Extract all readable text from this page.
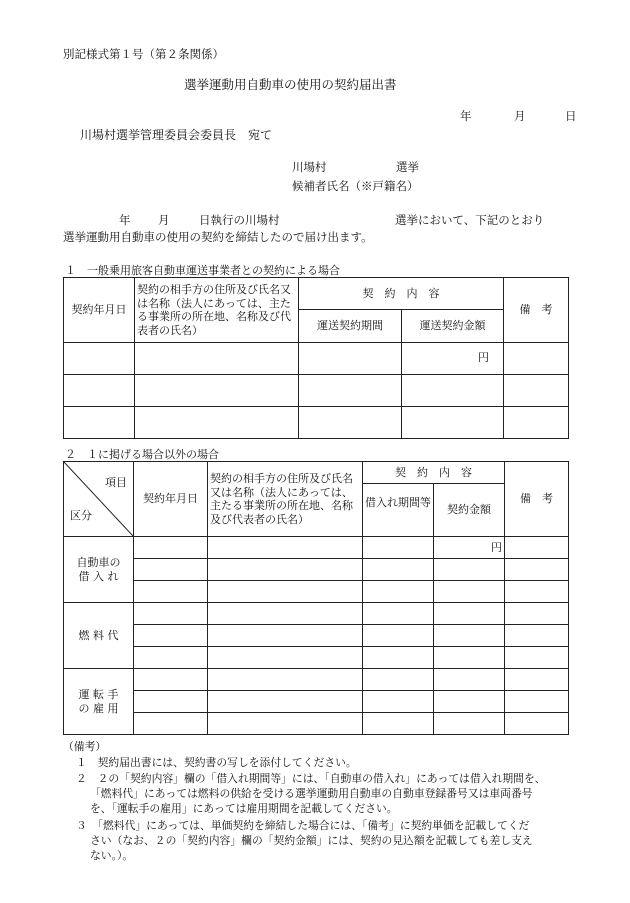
別記様式第１号（第２条関係）
選挙運動用自動車の使用の契約届出書
年	月	日
川場村選挙管理委員会委員長　宛て
川場村	選挙
候補者氏名（※戸籍名）
年 月	日執行の川場村	選挙において、下記のとおり
選挙運動用自動車の使用の契約を締結したので届け出ます。
１　一般乗用旅客自動車運送事業者との契約による場合
契約年月日	契約の相手方の住所及び氏名又は名称（法人にあっては、主たる事業所の所在地、名称及び代表者の氏名）	契　約　内　容		備　考
		運送契約期間	運送契約金額	
			円	

２　１に掲げる場合以外の場合
項目
区分	契約年月日	契約の相手方の住所及び氏名又は名称（法人にあっては、主たる事業所の所在地、名称及び代表者の氏名）	契　約　内　容		備　考
			借入れ期間等	契約金額	

自動車の
借 入 れ				円	

燃 料 代					

運 転 手
の 雇 用					

（備考）
１　契約届出書には、契約書の写しを添付してください。
２　２の「契約内容」欄の「借入れ期間等」には、「自動車の借入れ」にあっては借入れ期間を、
「燃料代」にあっては燃料の供給を受ける選挙運動用自動車の自動車登録番号又は車両番号
を、「運転手の雇用」にあっては雇用期間を記載してください。
３　「燃料代」にあっては、単価契約を締結した場合には、「備考」に契約単価を記載してくだ
さい（なお、２の「契約内容」欄の「契約金額」には、契約の見込額を記載しても差し支え
ない。）。
